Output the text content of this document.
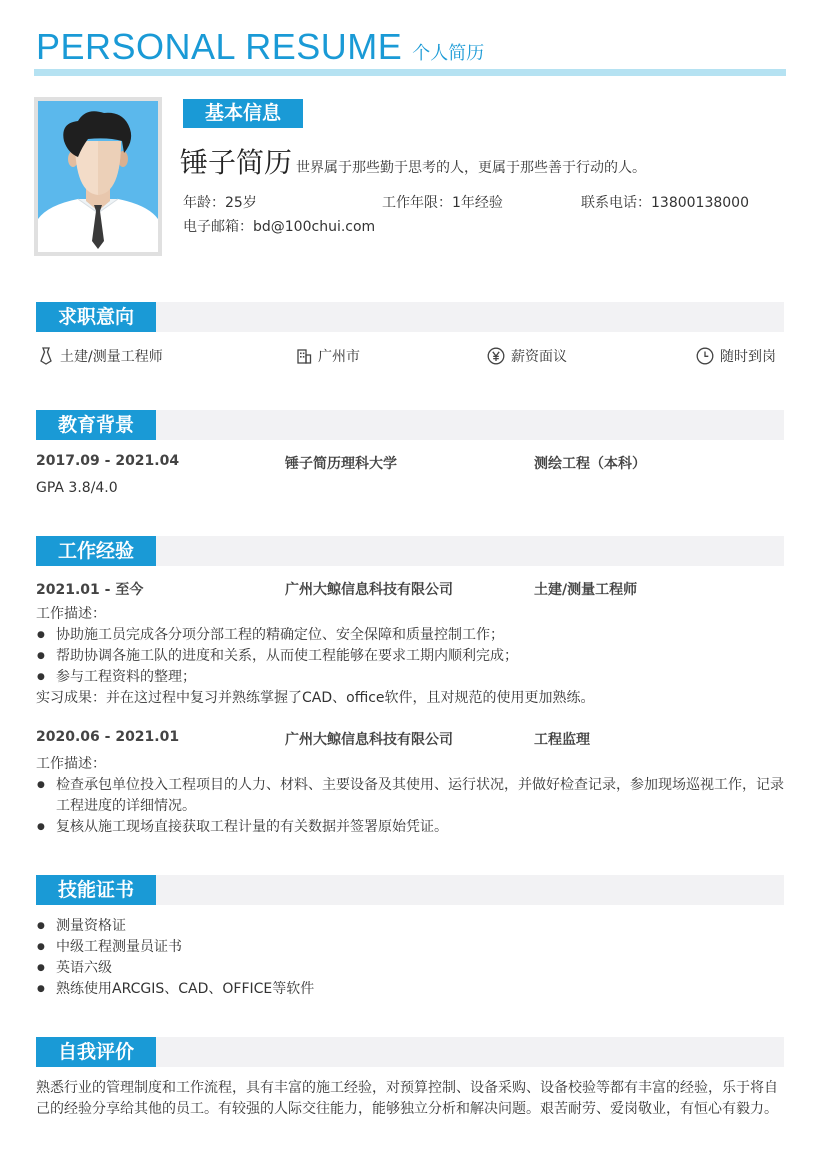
PERSONAL RESUME 个人简历
基本信息
锤子简历 世界属于那些勤于思考的人，更属于那些善于行动的人。
年龄：25岁	工作年限：1年经验	联系电话：13800138000
电子邮箱：bd@100chui.com
求职意向
土建/测量工程师	广州市	薪资面议	随时到岗
教育背景
2017.09 - 2021.04	锤子简历理科大学	测绘工程（本科）
GPA 3.8/4.0
工作经验
2021.01 - 至今	广州大鲸信息科技有限公司	土建/测量工程师
工作描述：
● 协助施工员完成各分项分部工程的精确定位、安全保障和质量控制工作；
● 帮助协调各施工队的进度和关系，从而使工程能够在要求工期内顺利完成；
● 参与工程资料的整理；
实习成果：并在这过程中复习并熟练掌握了CAD、office软件，且对规范的使用更加熟练。
2020.06 - 2021.01	广州大鲸信息科技有限公司	工程监理
工作描述：
● 检查承包单位投入工程项目的人力、材料、主要设备及其使用、运行状况，并做好检查记录，参加现场巡视工作，记录工程进度的详细情况。
● 复核从施工现场直接获取工程计量的有关数据并签署原始凭证。
技能证书
● 测量资格证
● 中级工程测量员证书
● 英语六级
● 熟练使用ARCGIS、CAD、OFFICE等软件
自我评价
熟悉行业的管理制度和工作流程，具有丰富的施工经验，对预算控制、设备采购、设备校验等都有丰富的经验，乐于将自己的经验分享给其他的员工。有较强的人际交往能力，能够独立分析和解决问题。艰苦耐劳、爱岗敬业，有恒心有毅力。
